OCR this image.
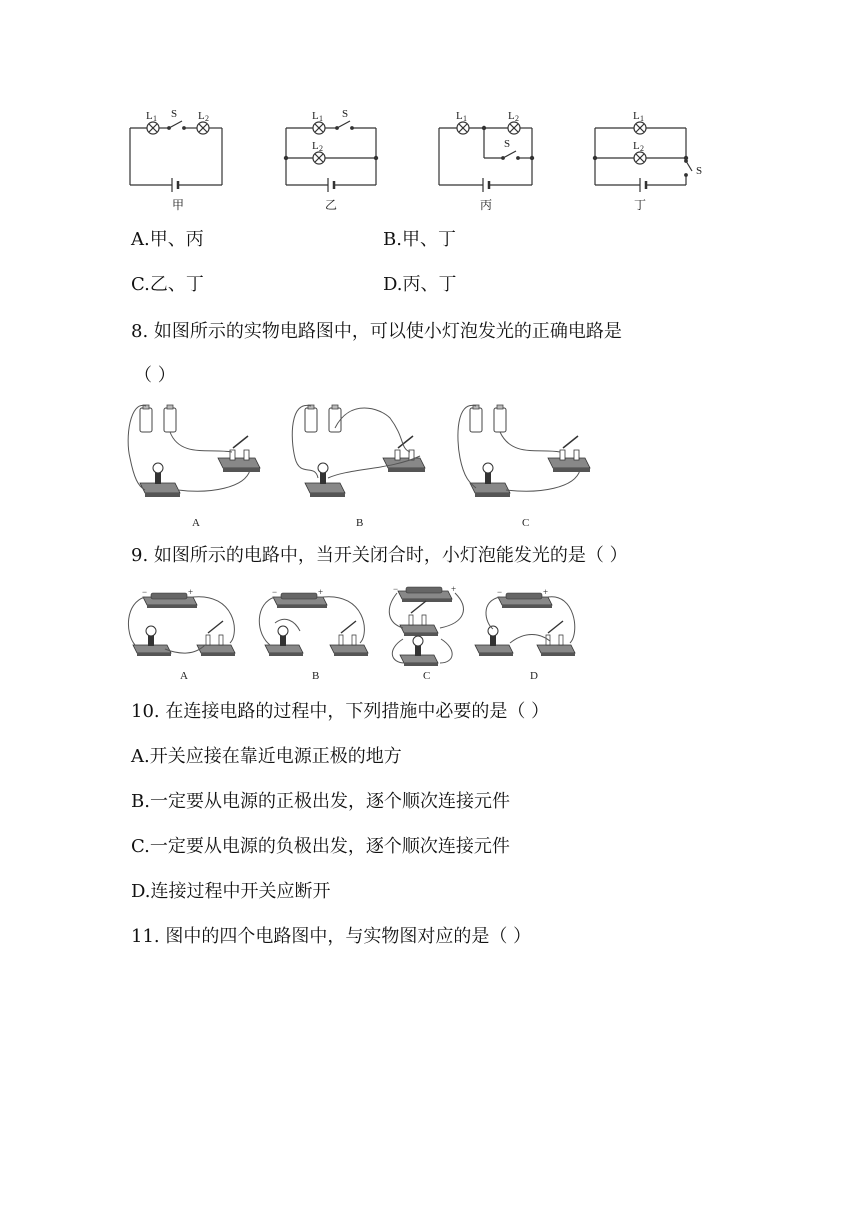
L 1 S L 2	L 1 S
L 2
L 1	L 2
S
L 1
L 2
S
甲	乙	丙	丁
A.甲、丙	B.甲、丁
C.乙、丁	D.丙、丁
8. 如图所示的实物电路图中，可以使小灯泡发光的正确电路是
（ ）
A	B	C
9. 如图所示的电路中，当开关闭合时，小灯泡能发光的是（ ）
A	B	C	D
−	+	−	+	−	+	−	+
10. 在连接电路的过程中，下列措施中必要的是（ ）
A.开关应接在靠近电源正极的地方
B.一定要从电源的正极出发，逐个顺次连接元件
C.一定要从电源的负极出发，逐个顺次连接元件
D.连接过程中开关应断开
11. 图中的四个电路图中，与实物图对应的是（ ）
